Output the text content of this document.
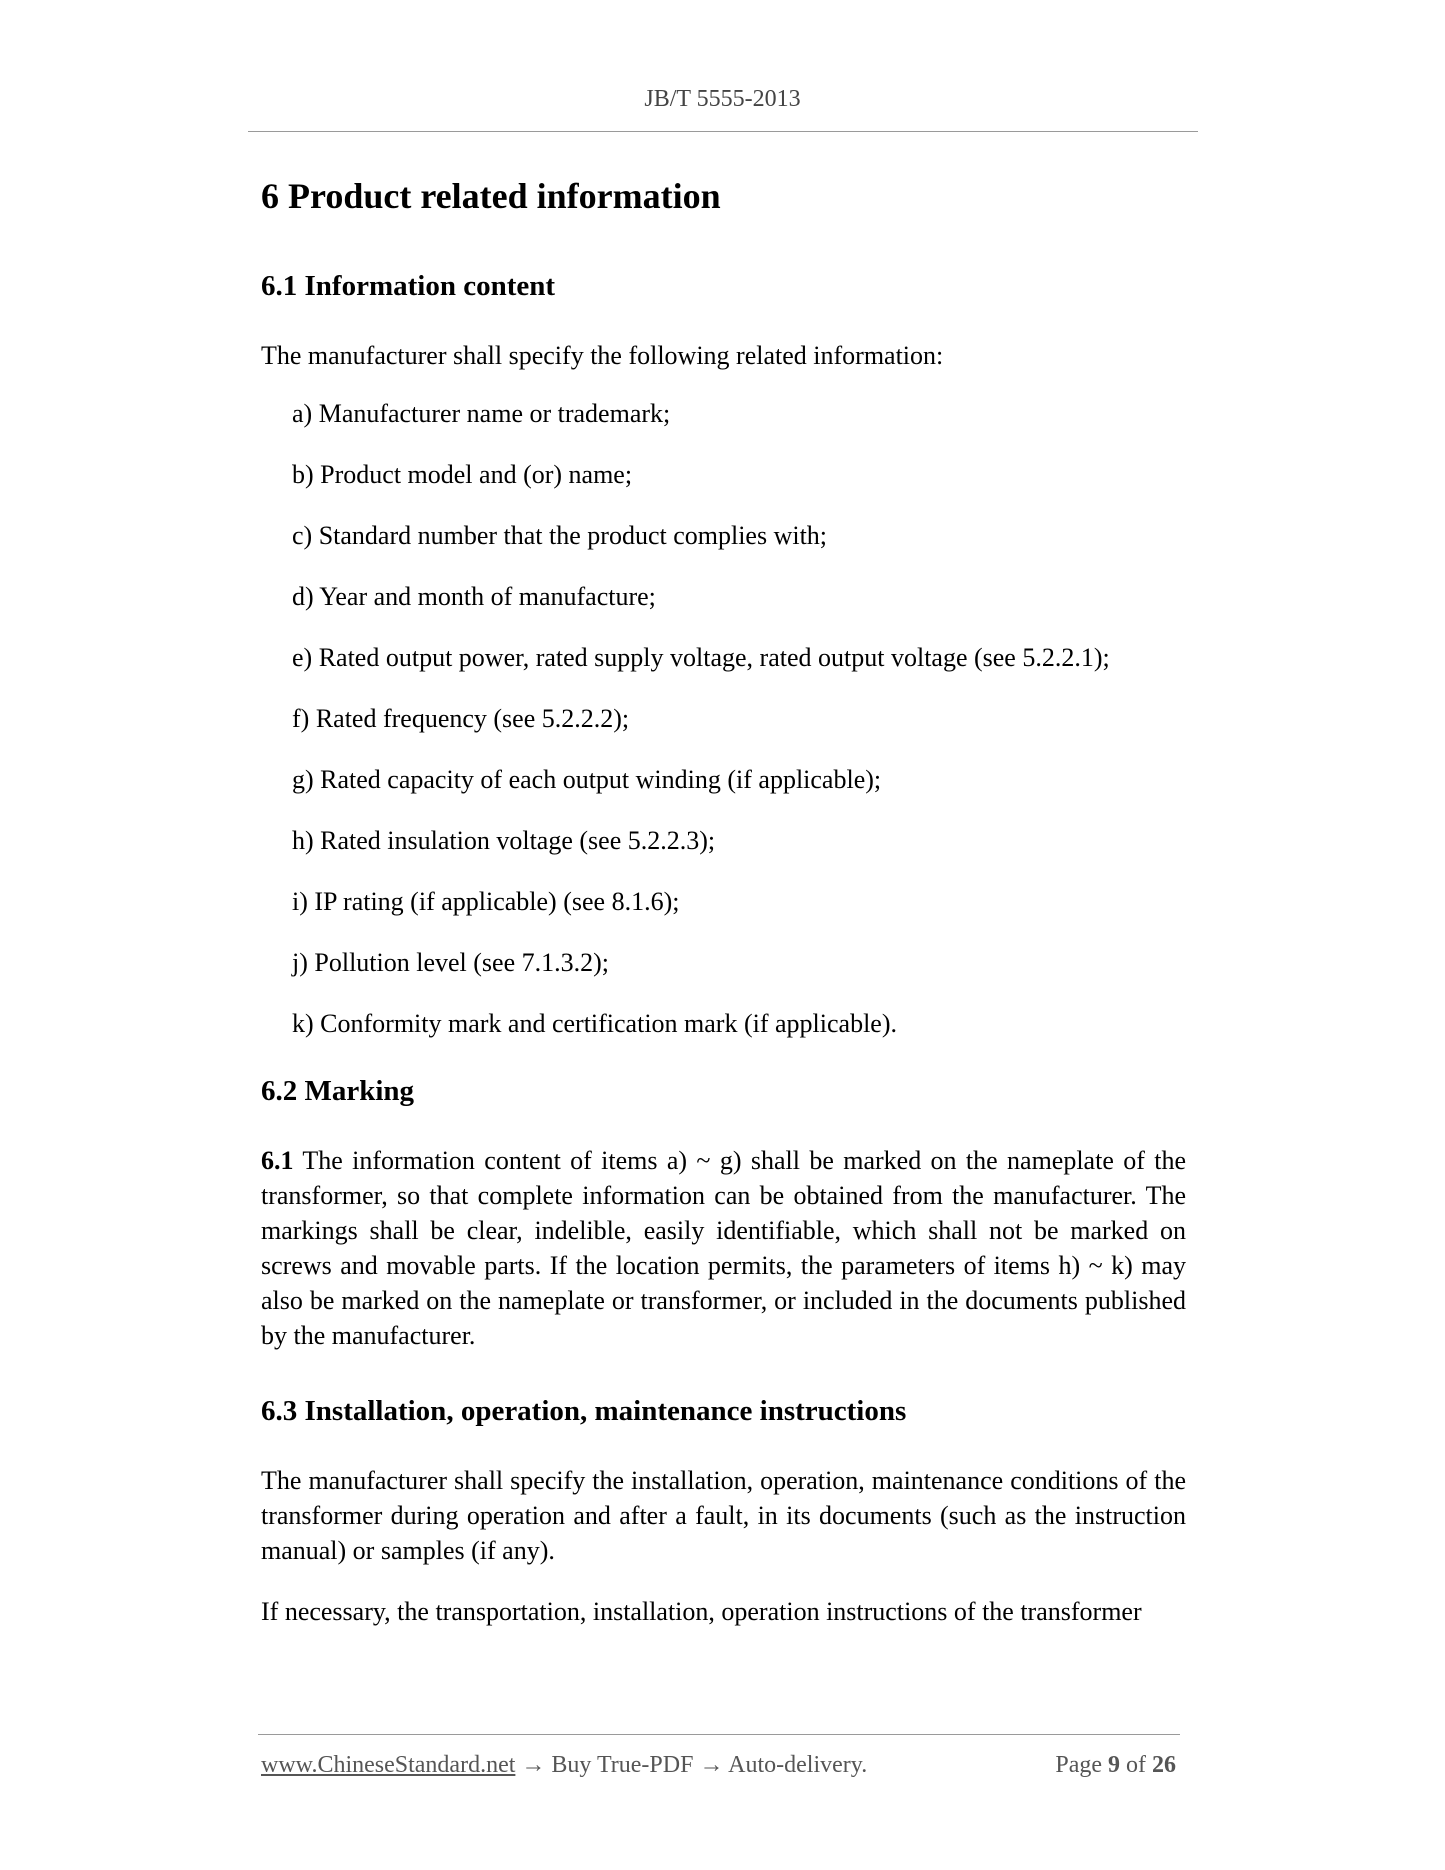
JB/T 5555-2013
6 Product related information
6.1 Information content
The manufacturer shall specify the following related information:
a) Manufacturer name or trademark;
b) Product model and (or) name;
c) Standard number that the product complies with;
d) Year and month of manufacture;
e) Rated output power, rated supply voltage, rated output voltage (see 5.2.2.1);
f) Rated frequency (see 5.2.2.2);
g) Rated capacity of each output winding (if applicable);
h) Rated insulation voltage (see 5.2.2.3);
i) IP rating (if applicable) (see 8.1.6);
j) Pollution level (see 7.1.3.2);
k) Conformity mark and certification mark (if applicable).
6.2 Marking
6.1 The information content of items a) ~ g) shall be marked on the nameplate of the transformer, so that complete information can be obtained from the manufacturer. The markings shall be clear, indelible, easily identifiable, which shall not be marked on screws and movable parts. If the location permits, the parameters of items h) ~ k) may also be marked on the nameplate or transformer, or included in the documents published by the manufacturer.
6.3 Installation, operation, maintenance instructions
The manufacturer shall specify the installation, operation, maintenance conditions of the transformer during operation and after a fault, in its documents (such as the instruction manual) or samples (if any).
If necessary, the transportation, installation, operation instructions of the transformer
www.ChineseStandard.net → Buy True-PDF → Auto-delivery.	Page 9 of 26
